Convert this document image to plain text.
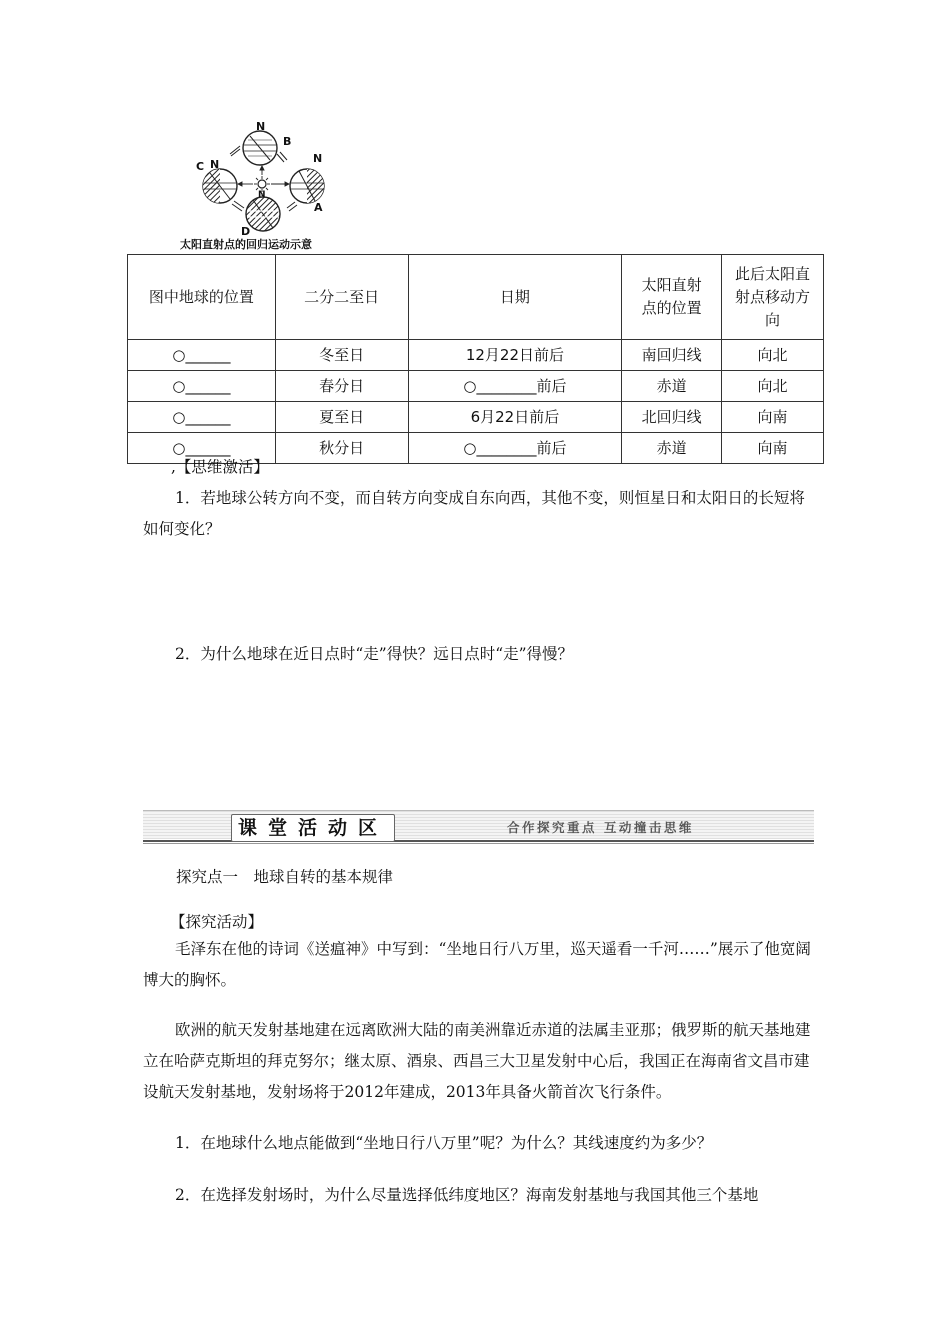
N
B
C N	N
A
N
D
太阳直射点的回归运动示意
图中地球的位置	二分二至日	日期	太阳直射点的位置	此后太阳直射点移动方向
○______	冬至日	12月22日前后	南回归线	向北
○______	春分日	○________前后	赤道	向北
○______	夏至日	6月22日前后	北回归线	向南
○______	秋分日	○________前后	赤道	向南
,【思维激活】
1．若地球公转方向不变，而自转方向变成自东向西，其他不变，则恒星日和太阳日的长短将如何变化？
2．为什么地球在近日点时“走”得快？远日点时“走”得慢？
课堂活动区	合作探究重点 互动撞击思维
探究点一　地球自转的基本规律
【探究活动】
毛泽东在他的诗词《送瘟神》中写到：“坐地日行八万里，巡天遥看一千河……”展示了他宽阔博大的胸怀。
欧洲的航天发射基地建在远离欧洲大陆的南美洲靠近赤道的法属圭亚那；俄罗斯的航天基地建立在哈萨克斯坦的拜克努尔；继太原、酒泉、西昌三大卫星发射中心后，我国正在海南省文昌市建设航天发射基地，发射场将于2012年建成，2013年具备火箭首次飞行条件。
1．在地球什么地点能做到“坐地日行八万里”呢？为什么？其线速度约为多少？
2．在选择发射场时，为什么尽量选择低纬度地区？海南发射基地与我国其他三个基地
